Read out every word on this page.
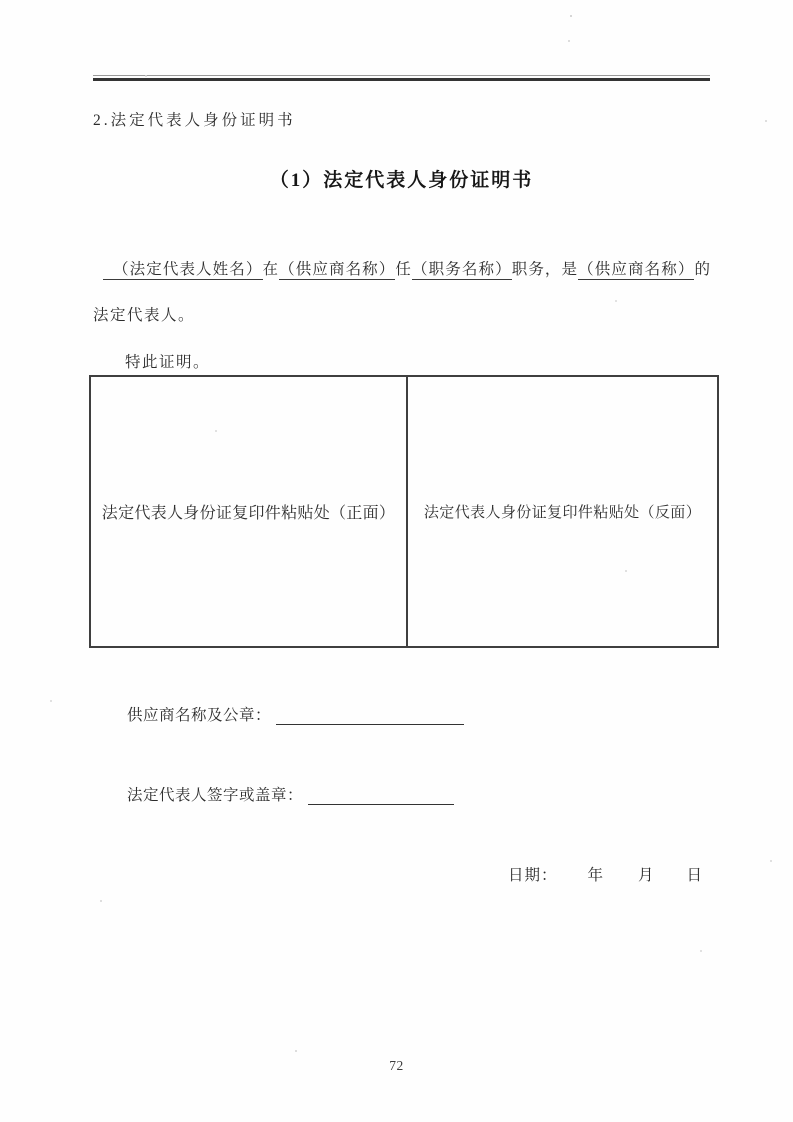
2.法定代表人身份证明书
（1）法定代表人身份证明书
（法定代表人姓名）在（供应商名称）任（职务名称）职务，是（供应商名称）的
法定代表人。
特此证明。
法定代表人身份证复印件粘贴处（正面） 法定代表人身份证复印件粘贴处（反面）
供应商名称及公章：
法定代表人签字或盖章：
日期： 年 月 日
72
